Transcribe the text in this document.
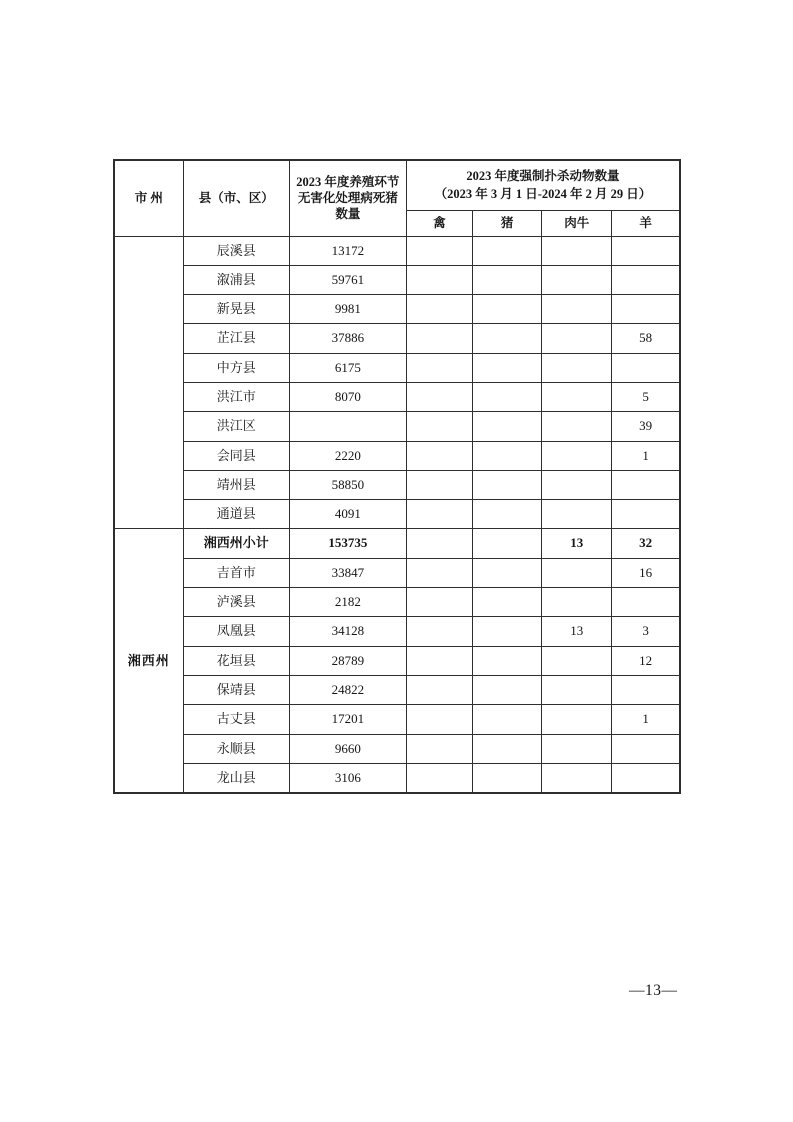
市 州	县（市、区）	2023 年度养殖环节无害化处理病死猪数量	2023 年度强制扑杀动物数量
（2023 年 3 月 1 日-2024 年 2 月 29 日）			

			禽	猪	肉牛	羊
	辰溪县	13172				
	溆浦县	59761				
	新晃县	9981				
	芷江县	37886				58
	中方县	6175				
	洪江市	8070				5
	洪江区					39
	会同县	2220				1
	靖州县	58850				
	通道县	4091				
湘西州	湘西州小计	153735			13	32
	吉首市	33847				16
	泸溪县	2182				
	凤凰县	34128			13	3
	花垣县	28789				12
	保靖县	24822				
	古丈县	17201				1
	永顺县	9660				
	龙山县	3106				
—13—
